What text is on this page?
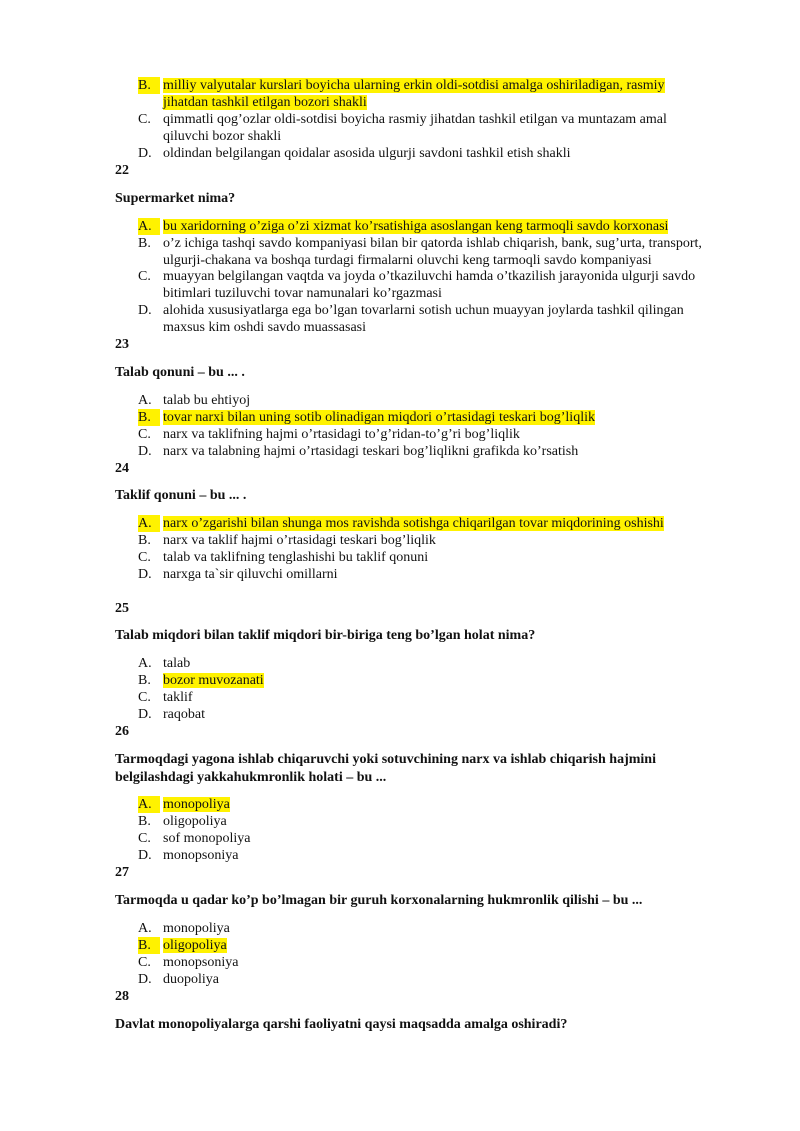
B. milliy valyutalar kurslari boyicha ularning erkin oldi-sotdisi amalga oshiriladigan, rasmiy
jihatdan tashkil etilgan bozori shakli
C. qimmatli qog’ozlar oldi-sotdisi boyicha rasmiy jihatdan tashkil etilgan va muntazam amal
qiluvchi bozor shakli
D. oldindan belgilangan qoidalar asosida ulgurji savdoni tashkil etish shakli
22
Supermarket nima?
A. bu xaridorning o’ziga o’zi xizmat ko’rsatishiga asoslangan keng tarmoqli savdo korxonasi
B. o’z ichiga tashqi savdo kompaniyasi bilan bir qatorda ishlab chiqarish, bank, sug’urta, transport,
ulgurji-chakana va boshqa turdagi firmalarni oluvchi keng tarmoqli savdo kompaniyasi
C. muayyan belgilangan vaqtda va joyda o’tkaziluvchi hamda o’tkazilish jarayonida ulgurji savdo
bitimlari tuziluvchi tovar namunalari ko’rgazmasi
D. alohida xususiyatlarga ega bo’lgan tovarlarni sotish uchun muayyan joylarda tashkil qilingan
maxsus kim oshdi savdo muassasasi
23
Talab qonuni – bu ... .
A. talab bu ehtiyoj
B. tovar narxi bilan uning sotib olinadigan miqdori o’rtasidagi teskari bog’liqlik
C. narx va taklifning hajmi o’rtasidagi to’g’ridan-to’g’ri bog’liqlik
D. narx va talabning hajmi o’rtasidagi teskari bog’liqlikni grafikda ko’rsatish
24
Taklif qonuni – bu ... .
A. narx o’zgarishi bilan shunga mos ravishda sotishga chiqarilgan tovar miqdorining oshishi
B. narx va taklif hajmi o’rtasidagi teskari bog’liqlik
C. talab va taklifning tenglashishi bu taklif qonuni
D. narxga ta`sir qiluvchi omillarni
25
Talab miqdori bilan taklif miqdori bir-biriga teng bo’lgan holat nima?
A. talab
B. bozor muvozanati
C. taklif
D. raqobat
26
Tarmoqdagi yagona ishlab chiqaruvchi yoki sotuvchining narx va ishlab chiqarish hajmini
belgilashdagi yakkahukmronlik holati – bu ...
A. monopoliya
B. oligopoliya
C. sof monopoliya
D. monopsoniya
27
Tarmoqda u qadar ko’p bo’lmagan bir guruh korxonalarning hukmronlik qilishi – bu ...
A. monopoliya
B. oligopoliya
C. monopsoniya
D. duopoliya
28
Davlat monopoliyalarga qarshi faoliyatni qaysi maqsadda amalga oshiradi?
